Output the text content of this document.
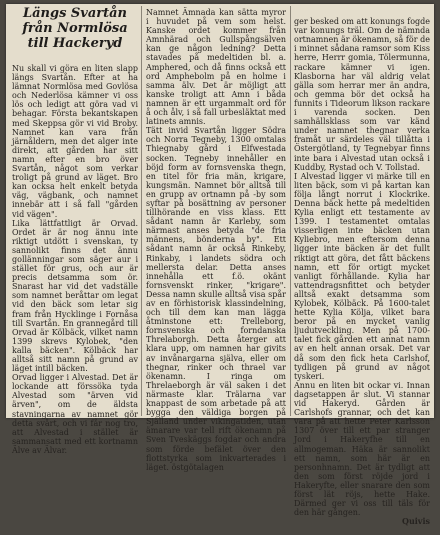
Längs Svartån
från Normlösa
till Hackeryd
Nu skall vi göra en liten slapp längs Svartån. Efter at ha lämnat Normlösa med Govlösa och Nederlösa kämner vi oss lös och ledigt att göra vad vi behagar. Första bekantskapen med Skeppsa gör vi vid Broby. Namnet kan vara från järnåldern, men det alger inte direkt, att gården har sitt namn efter en bro över Svartån, något som verkar troligt på grund av läget. Bro kan ocksa helt enkelt betyda väg, vägbank, och namnet innebär att i så fall "gården vid vägen".
Lika lättfattligt är Orvad. Ordet är är nog ännu inte riktigt utdött i svenskan, ty sannolikt finns det ännu gollänningar som säger aur i stället för grus, och aur är precis detsamma som ör. Snarast har vid det vadställe som namnet beråttar om legat vid den bäck som letar sig fram från Hycklinge i Fornåsa till Svartån. En grannegård till Orvad är Kölbäck, vilket namn 1399 skrevs Kylobek, "den kalla bäcken". Kölbäck har alltså sitt namn på grund av läget intill bäcken.
Orvad ligger i Alvestad. Det är lockande att förssöka tyda Alvestad som "ärven vid ärven", om de äldsta stavningarna av namnet gör detta svårt, och vi får nog tro, att Alvestad i stället är sammansatt med ett kortnamn Älve av Älvar.
Namnet Ämnada kan sätta myror i huvudet på vem som helst. Kanske ordet kommer från Amnhärad och Gullspångsälven kan ge någon ledning? Detta stavades på medeltiden bl. a. Amphered, och då finns också ett ord Amphebolm på en holme i samma älv. Det är möjligt att kanske troligt att Amn i båda namnen är ett urgammalt ord för å och ålv, i så fall urbesläktat med latinets amnis.
Tätt invid Svartån ligger Södra och Norra Tegneby, 1300 omtalas Thiegnaby gård i Elfwestada socken. Tegneby innehåller en böjd form av fornsvenska thegn, en titel för fria män, krigare, kungsmän. Namnet bör alltså till en grupp av ortnamn på -by som syftar på bosättning av personer tillhörande en viss klass. Ett sådant namn är Karleby, som närmast anses betyda "de fria männens, bönderna by". Ett sådant namn är också Rinkeby, Rinkaby, i landets södra och mellersta delar. Detta anses innehålla ett f.ö. okänt fornsvenskt rinker, "krigare". Dessa namn skulle alltså visa spår av en förhistorisk klassindelning, och till dem kan man lägga åtminstone ett: Trelleborg, fornsvenska och forndanska Threlaborgh. Detta återger att klara upp, om namnen har givits av invånargarna själva, eller om thegnar, rinker och thrael var ökenamn. I ringa om Threlaeborgh är väl saken i det närmaste klar. Trälarna var knappast de som arbetade på att bygga den väldiga borgen på Själland under vikingatiden, utan ämarare var tell rift ökenamn på Sven Tveskäggs fogdar och andra som förde befälet över den flottstyrka som inkvarterades i läget. östgötalagen

ger besked om att konungs fogde var konungs träl. Om de nämnda ortnamnen är ökenamn, så för de i minnet sådana ramsor som Kiss herre, Herrr gomia, Tölermunna, rackare kämner vi igen. Klasborna har väl aldrig velat gälla som herrar mer än andra, och gemma bör det också ha funnits i Tideorum likson rackare i varenda socken. Den samhällsklass som var känd under namnet thegnar verka framåt ur särdeles väl tillåtta i Östergötland, ty Tegnebyar finns inte bara i Alvestad utan också i Kuddby, Rystad och V. Tollstad.
I Alvestad ligger vi märke till en liten bäck, som vi på kartan kan följa långt norrut i Klockrike. Denna bäck hette på medeltiden Kylia enligt ett testamente av 1399. I testamentet omtalas visserligen inte bäcken utan Kyliebro, men eftersom denna ligger inte bäcken är det fullt riktigt att göra, det fått bäckens namn, ett för ortigt mycket vanligt förhållande. Kylia har vattendragsnfittet och betyder alltså exakt detsamma som Kylobek, Kölbäck. På 1600-talet hette Kylia Kölja, vilket bara beror på en mycket vanlig ljudutveckling. Men på 1700-talet fick gården ett annat namn av en helt annan orsak. Det var då som den fick heta Carlshof, tydligen på grund av något tyskeri.
Annu en liten bit ockar vi. Innan dagsetappen är slut. Vi stannar vid Hakeryd. Gården är Carlshofs grannar, och det kan vara på att hette Peter Karlsson 1307 över till ett par stranger Jord i Hakeryfhe till en allmogeman. Häka är sannolikt ett namn, som här är en personhnamn. Det är tydligt att den som först röjde jord i Hakeryfte, eller snarare den som först lät röjs, hette Hake. Därmed ger vi oss till täls för den här gången.

Quivis
